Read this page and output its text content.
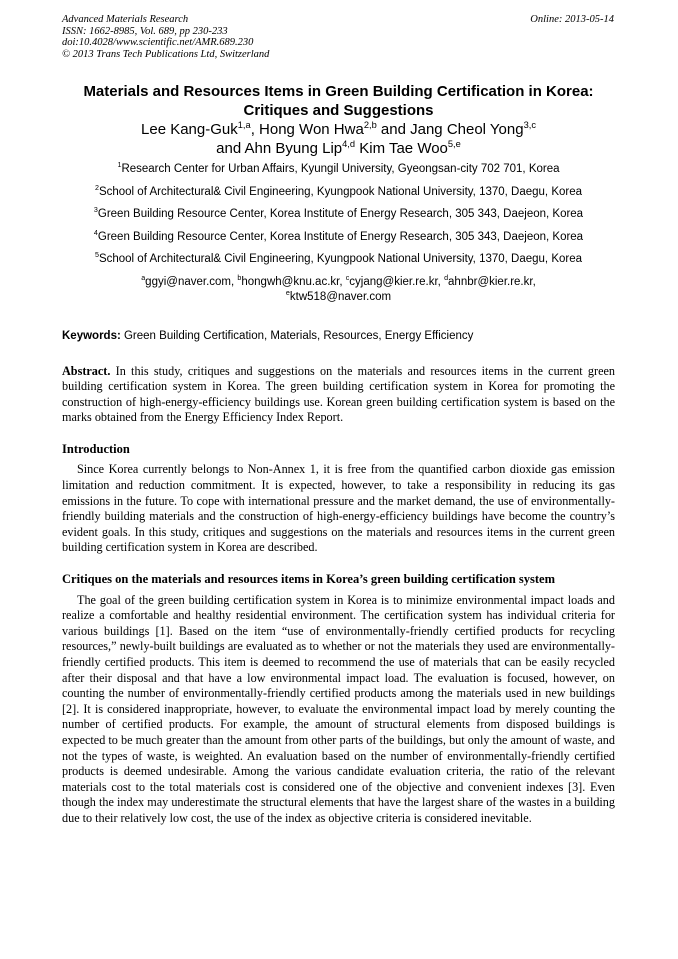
Advanced Materials Research
ISSN: 1662-8985, Vol. 689, pp 230-233
doi:10.4028/www.scientific.net/AMR.689.230
© 2013 Trans Tech Publications Ltd, Switzerland
Online: 2013-05-14
Materials and Resources Items in Green Building Certification in Korea:
Critiques and Suggestions
Lee Kang-Guk$^{1,a}$, Hong Won Hwa$^{2,b}$ and Jang Cheol Yong$^{3,c}$
and Ahn Byung Lip$^{4,d}$ Kim Tae Woo$^{5,e}$

$^1$Research Center for Urban Affairs, Kyungil University, Gyeongsan-city 702 701, Korea

$^2$School of Architectural& Civil Engineering, Kyungpook National University, 1370, Daegu, Korea

$^3$Green Building Resource Center, Korea Institute of Energy Research, 305 343, Daejeon, Korea

$^4$Green Building Resource Center, Korea Institute of Energy Research, 305 343, Daejeon, Korea

$^5$School of Architectural& Civil Engineering, Kyungpook National University, 1370, Daegu, Korea

$^a$ggyi@naver.com, $^b$hongwh@knu.ac.kr, $^c$cyjang@kier.re.kr, $^d$ahnbr@kier.re.kr,
$^e$ktw518@naver.com

Keywords: Green Building Certification, Materials, Resources, Energy Efficiency

Abstract. In this study, critiques and suggestions on the materials and resources items in the current green building certification system in Korea. The green building certification system in Korea for promoting the construction of high-energy-efficiency buildings use. Korean green building certification system is based on the marks obtained from the Energy Efficiency Index Report.

Introduction

Since Korea currently belongs to Non-Annex 1, it is free from the quantified carbon dioxide gas emission limitation and reduction commitment. It is expected, however, to take a responsibility in reducing its gas emissions in the future. To cope with international pressure and the market demand, the use of environmentally-friendly building materials and the construction of high-energy-efficiency buildings have become the country’s evident goals. In this study, critiques and suggestions on the materials and resources items in the current green building certification system in Korea are described.

Critiques on the materials and resources items in Korea’s green building certification system

The goal of the green building certification system in Korea is to minimize environmental impact loads and realize a comfortable and healthy residential environment. The certification system has individual criteria for various buildings [1]. Based on the item “use of environmentally-friendly certified products for recycling resources,” newly-built buildings are evaluated as to whether or not the materials they used are environmentally-friendly certified products. This item is deemed to recommend the use of materials that can be easily recycled after their disposal and that have a low environmental impact load. The evaluation is focused, however, on counting the number of environmentally-friendly certified products among the materials used in new buildings [2]. It is considered inappropriate, however, to evaluate the environmental impact load by merely counting the number of certified products. For example, the amount of structural elements from disposed buildings is expected to be much greater than the amount from other parts of the buildings, but only the amount of waste, and not the types of waste, is weighted. An evaluation based on the number of environmentally-friendly certified products is deemed undesirable. Among the various candidate evaluation criteria, the ratio of the relevant materials cost to the total materials cost is considered one of the objective and convenient indexes [3]. Even though the index may underestimate the structural elements that have the largest share of the wastes in a building due to their relatively low cost, the use of the index as objective criteria is considered inevitable.
